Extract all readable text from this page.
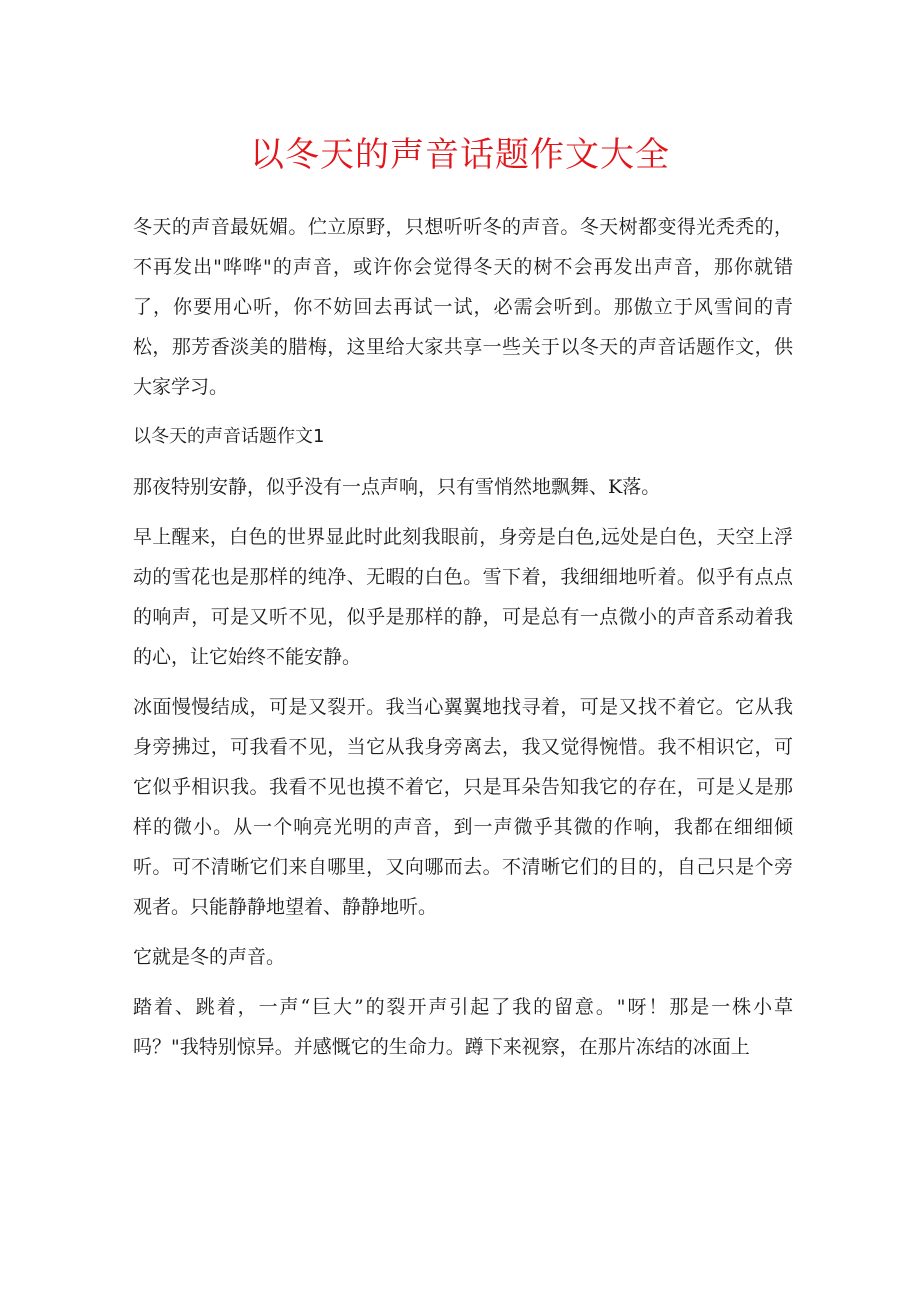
以冬天的声音话题作文大全

冬天的声音最妩媚。伫立原野，只想听听冬的声音。冬天树都变得光秃秃的，不再发出"哗哗"的声音，或许你会觉得冬天的树不会再发出声音，那你就错了，你要用心听，你不妨回去再试一试，必需会听到。那傲立于风雪间的青松，那芳香淡美的腊梅，这里给大家共享一些关于以冬天的声音话题作文，供大家学习。

以冬天的声音话题作文1

那夜特别安静，似乎没有一点声响，只有雪悄然地飘舞、K落。

早上醒来，白色的世界显此时此刻我眼前，身旁是白色,远处是白色，天空上浮动的雪花也是那样的纯净、无暇的白色。雪下着，我细细地听着。似乎有点点的响声，可是又听不见，似乎是那样的静，可是总有一点微小的声音系动着我的心，让它始终不能安静。

冰面慢慢结成，可是又裂开。我当心翼翼地找寻着，可是又找不着它。它从我身旁拂过，可我看不见，当它从我身旁离去，我又觉得惋惜。我不相识它，可它似乎相识我。我看不见也摸不着它，只是耳朵告知我它的存在，可是乂是那样的微小。从一个响亮光明的声音，到一声微乎其微的作响，我都在细细倾听。可不清晰它们来自哪里，又向哪而去。不清晰它们的目的，自己只是个旁观者。只能静静地望着、静静地听。

它就是冬的声音。

踏着、跳着，一声“巨大”的裂开声引起了我的留意。"呀！那是一株小草吗？"我特别惊异。并感慨它的生命力。蹲下来视察，在那片冻结的冰面上
